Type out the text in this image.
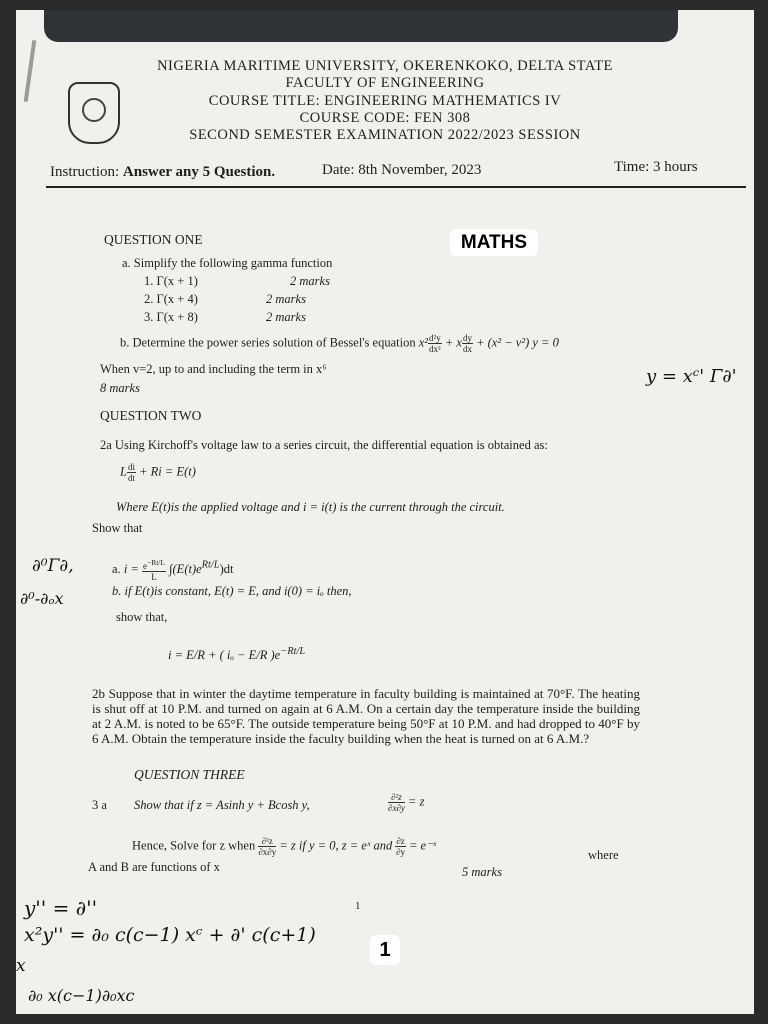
NIGERIA MARITIME UNIVERSITY, OKERENKOKO, DELTA STATE
FACULTY OF ENGINEERING
COURSE TITLE: ENGINEERING MATHEMATICS IV
COURSE CODE: FEN 308
SECOND SEMESTER EXAMINATION 2022/2023 SESSION
Instruction: Answer any 5 Question.	Date: 8th November, 2023	Time: 3 hours
QUESTION ONE	MATHS
a. Simplify the following gamma function
1. Γ(x + 1)	2 marks
2. Γ(x + 4)	2 marks
3. Γ(x + 8)	2 marks
b. Determine the power series solution of Bessel's equation $x^2 \frac{\text{d²y}}{\text{dx²}} + x \frac{dy}{dx} + (x^2 - v^2) y = 0$
When v=2, up to and including the term in x⁶
8 marks
QUESTION TWO
2a Using Kirchoff's voltage law to a series circuit, the differential equation is obtained as:
L $\frac{di}{dt} + Ri = E(t)$
Where E(t)is the applied voltage and i = i(t) is the current through the circuit.
Show that
a. $i = \frac{e^{-Rt/L}}{L} \int(E(t)e^{Rt/L})dt$
b. if E(t)is constant, E(t) = E, and i(0) = iₒ then,
show that,
i = E/R + ( iₒ − E/R )$e^{-Rt/L}$
2b Suppose that in winter the daytime temperature in faculty building is maintained at 70°F. The heating is shut off at 10 P.M. and turned on again at 6 A.M. On a certain day the temperature inside the building at 2 A.M. is noted to be 65°F. The outside temperature being 50°F at 10 P.M. and had dropped to 40°F by 6 A.M. Obtain the temperature inside the faculty building when the heat is turned on at 6 A.M.?
QUESTION THREE
3 a Show that if z = Asinh y + Bcosh y,	$\frac{\text{∂²z}}{\partial x\partial y} = z$
Hence, Solve for z when $\frac{\text{∂²z}}{\partial x\partial y} = z$ if y = 0, z = eˣ and $\frac{\partial z}{\partial y}$ = e⁻ˣ
where
A and B are functions of x	5 marks
1
1
y = xᶜ' Γ∂'
∂⁰Γ∂,
∂⁰-∂ₒx
y'' = ∂''
x²y'' = ∂₀ c(c−1) xᶜ + ∂' c(c+1)
x
∂₀ x(c−1)∂₀xc
